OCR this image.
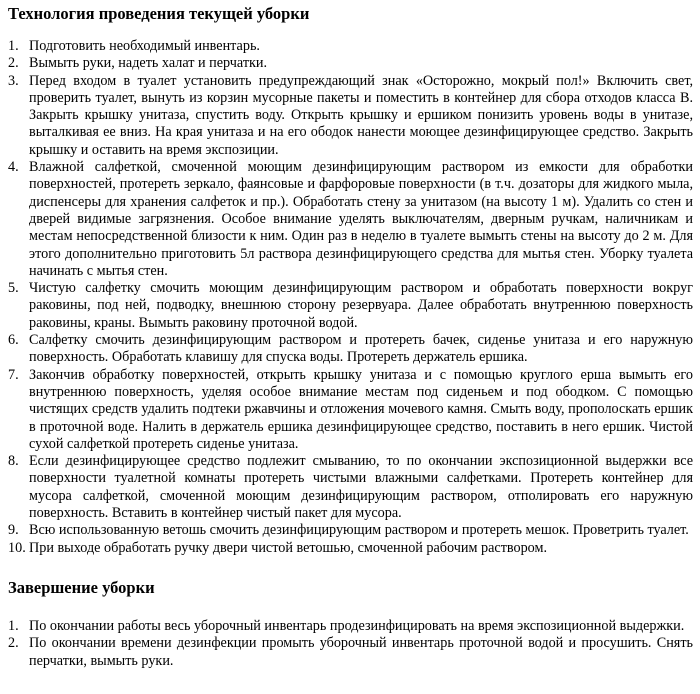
Технология проведения текущей уборки
1. Подготовить необходимый инвентарь.
2. Вымыть руки, надеть халат и перчатки.
3. Перед входом в туалет установить предупреждающий знак «Осторожно, мокрый пол!» Включить свет, проверить туалет, вынуть из корзин мусорные пакеты и поместить в контейнер для сбора отходов класса В. Закрыть крышку унитаза, спустить воду. Открыть крышку и ершиком понизить уровень воды в унитазе, выталкивая ее вниз. На края унитаза и на его ободок нанести моющее дезинфицирующее средство. Закрыть крышку и оставить на время экспозиции.
4. Влажной салфеткой, смоченной моющим дезинфицирующим раствором из емкости для обработки поверхностей, протереть зеркало, фаянсовые и фарфоровые поверхности (в т.ч. дозаторы для жидкого мыла, диспенсеры для хранения салфеток и пр.). Обработать стену за унитазом (на высоту 1 м). Удалить со стен и дверей видимые загрязнения. Особое внимание уделять выключателям, дверным ручкам, наличникам и местам непосредственной близости к ним. Один раз в неделю в туалете вымыть стены на высоту до 2 м. Для этого дополнительно приготовить 5л раствора дезинфицирующего средства для мытья стен. Уборку туалета начинать с мытья стен.
5. Чистую салфетку смочить моющим дезинфицирующим раствором и обработать поверхности вокруг раковины, под ней, подводку, внешнюю сторону резервуара. Далее обработать внутреннюю поверхность раковины, краны. Вымыть раковину проточной водой.
6. Салфетку смочить дезинфицирующим раствором и протереть бачек, сиденье унитаза и его наружную поверхность. Обработать клавишу для спуска воды. Протереть держатель ершика.
7. Закончив обработку поверхностей, открыть крышку унитаза и с помощью круглого ерша вымыть его внутреннюю поверхность, уделяя особое внимание местам под сиденьем и под ободком. С помощью чистящих средств удалить подтеки ржавчины и отложения мочевого камня. Смыть воду, прополоскать ершик в проточной воде. Налить в держатель ершика дезинфицирующее средство, поставить в него ершик. Чистой сухой салфеткой протереть сиденье унитаза.
8. Если дезинфицирующее средство подлежит смыванию, то по окончании экспозиционной выдержки все поверхности туалетной комнаты протереть чистыми влажными салфетками. Протереть контейнер для мусора салфеткой, смоченной моющим дезинфицирующим раствором, отполировать его наружную поверхность. Вставить в контейнер чистый пакет для мусора.
9. Всю использованную ветошь смочить дезинфицирующим раствором и протереть мешок. Проветрить туалет.
10. При выходе обработать ручку двери чистой ветошью, смоченной рабочим раствором.
Завершение уборки
1. По окончании работы весь уборочный инвентарь продезинфицировать на время экспозиционной выдержки.
2. По окончании времени дезинфекции промыть уборочный инвентарь проточной водой и просушить. Снять перчатки, вымыть руки.
